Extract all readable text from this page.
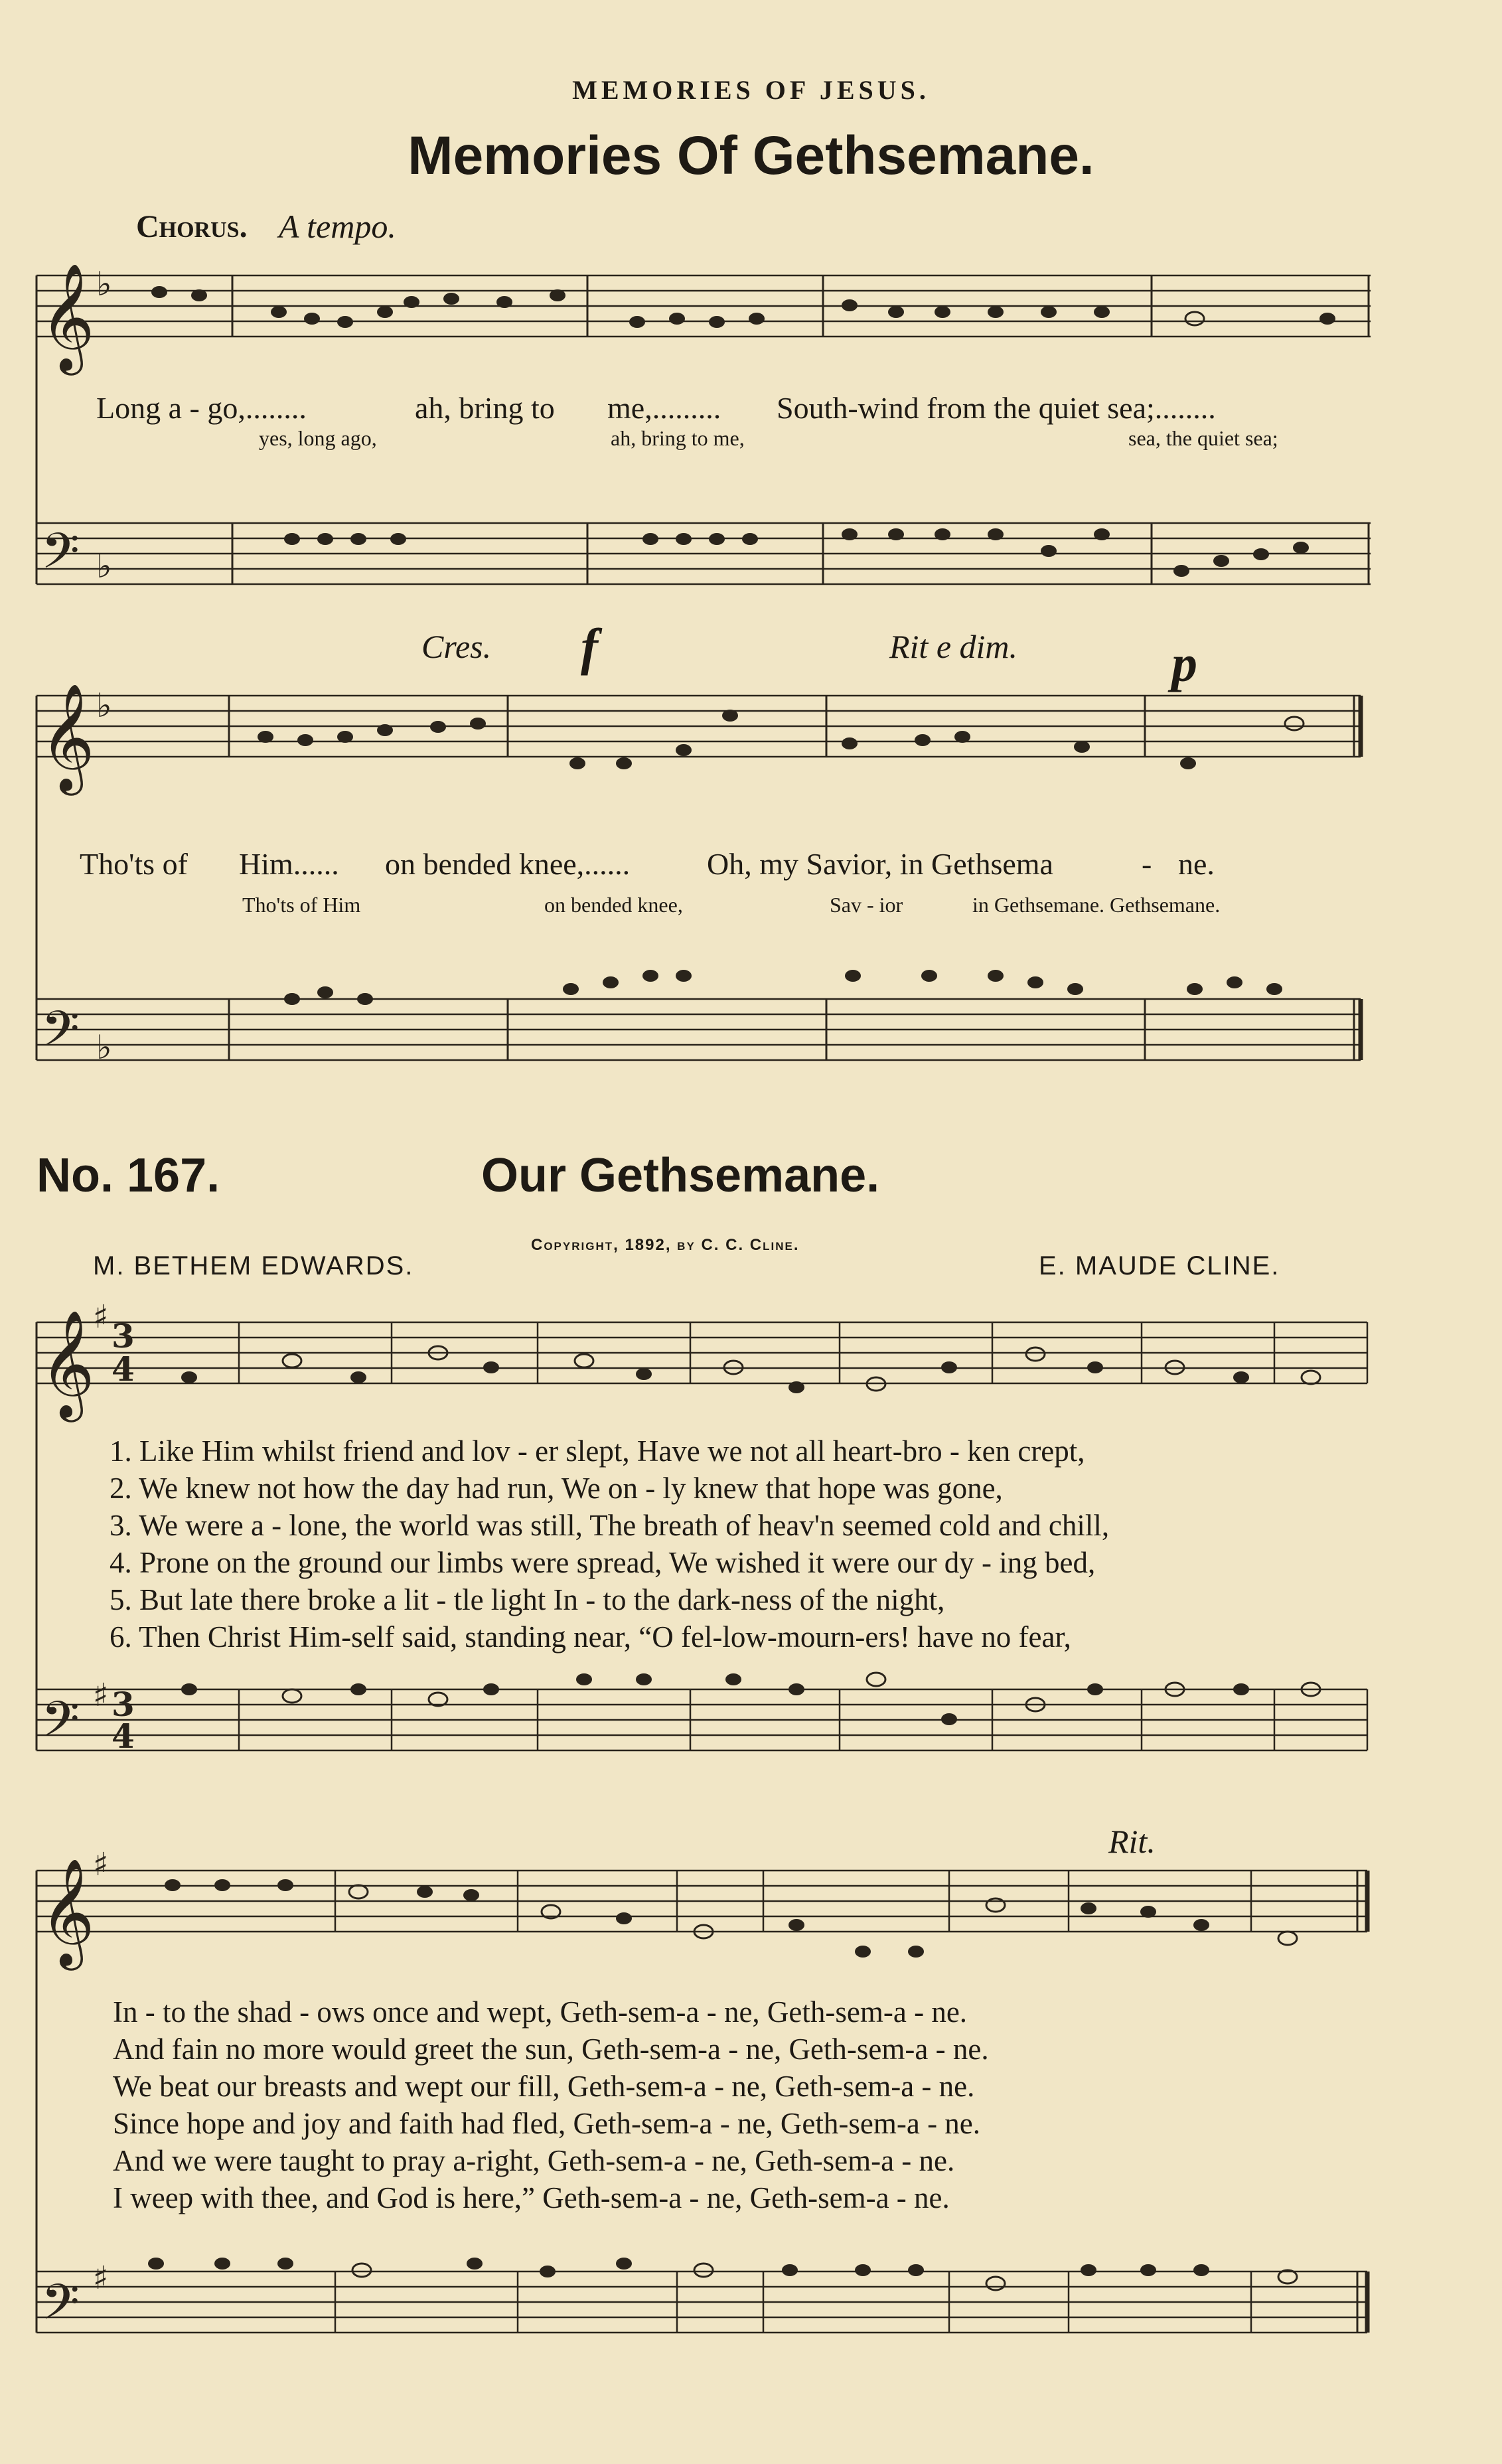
MEMORIES OF JESUS.
Memories Of Gethsemane.
Chorus. A tempo.
𝄞
𝄢
𝄞
𝄢
𝄞
𝄢
𝄞
𝄢
3
4
3
4
♯
♯
♯
♯
♭
♭
♭
♭
Long a - go,........	ah, bring to me,......... South-wind from the quiet sea;........
yes, long ago,	ah, bring to me,	sea, the quiet sea;
Cres. f	Rit e dim.	p
Tho'ts of Him...... on bended knee,......	Oh, my Savior, in Gethsema	- ne.
Tho'ts of Him	on bended knee,	Sav - ior	in Gethsemane. Gethsemane.
No. 167.	Our Gethsemane.
Copyright, 1892, by C. C. Cline.
M. BETHEM EDWARDS.	E. MAUDE CLINE.
1. Like Him whilst friend and lov - er slept, Have we not all heart-bro - ken crept,
2. We knew not how the day had run, We on - ly knew that hope was gone,
3. We were a - lone, the world was still, The breath of heav'n seemed cold and chill,
4. Prone on the ground our limbs were spread, We wished it were our dy - ing bed,
5. But late there broke a lit - tle light In - to the dark-ness of the night,
6. Then Christ Him-self said, standing near, “O fel-low-mourn-ers! have no fear,
Rit.
In - to the shad - ows once and wept, Geth-sem-a - ne, Geth-sem-a - ne.
And fain no more would greet the sun, Geth-sem-a - ne, Geth-sem-a - ne.
We beat our breasts and wept our fill, Geth-sem-a - ne, Geth-sem-a - ne.
Since hope and joy and faith had fled, Geth-sem-a - ne, Geth-sem-a - ne.
And we were taught to pray a-right, Geth-sem-a - ne, Geth-sem-a - ne.
I weep with thee, and God is here,” Geth-sem-a - ne, Geth-sem-a - ne.
